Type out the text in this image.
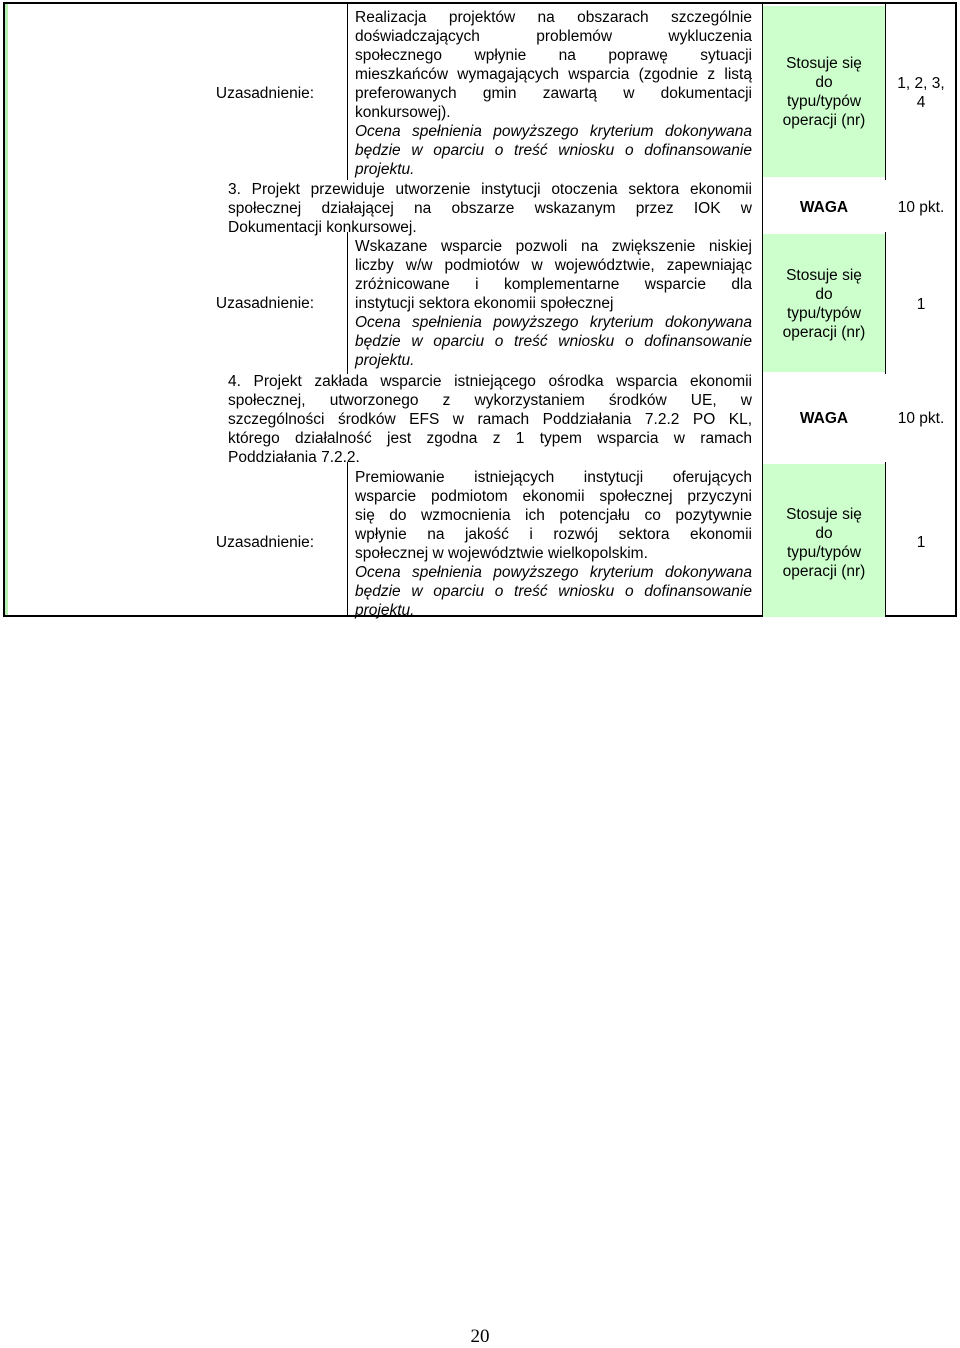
Uzasadnienie:
Realizacja projektów na obszarach szczególnie
doświadczających problemów wykluczenia
społecznego wpłynie na poprawę sytuacji
mieszkańców wymagających wsparcia (zgodnie z listą
preferowanych gmin zawartą w dokumentacji
konkursowej).
Ocena spełnienia powyższego kryterium dokonywana
będzie w oparciu o treść wniosku o dofinansowanie
projektu.
Stosuje się
do
typu/typów
operacji (nr)
1, 2, 3,
4
3. Projekt przewiduje utworzenie instytucji otoczenia sektora ekonomii
społecznej działającej na obszarze wskazanym przez IOK w
Dokumentacji konkursowej.
WAGA	10 pkt.
Uzasadnienie:
Wskazane wsparcie pozwoli na zwiększenie niskiej
liczby w/w podmiotów w województwie, zapewniając
zróżnicowane i komplementarne wsparcie dla
instytucji sektora ekonomii społecznej
Ocena spełnienia powyższego kryterium dokonywana
będzie w oparciu o treść wniosku o dofinansowanie
projektu.
Stosuje się
do
typu/typów
operacji (nr)
1
4. Projekt zakłada wsparcie istniejącego ośrodka wsparcia ekonomii
społecznej, utworzonego z wykorzystaniem środków UE, w
szczególności środków EFS w ramach Poddziałania 7.2.2 PO KL,
którego działalność jest zgodna z 1 typem wsparcia w ramach
Poddziałania 7.2.2.
WAGA	10 pkt.
Uzasadnienie:
Premiowanie istniejących instytucji oferujących
wsparcie podmiotom ekonomii społecznej przyczyni
się do wzmocnienia ich potencjału co pozytywnie
wpłynie na jakość i rozwój sektora ekonomii
społecznej w województwie wielkopolskim.
Ocena spełnienia powyższego kryterium dokonywana
będzie w oparciu o treść wniosku o dofinansowanie
projektu.
Stosuje się
do
typu/typów
operacji (nr)
1
20
